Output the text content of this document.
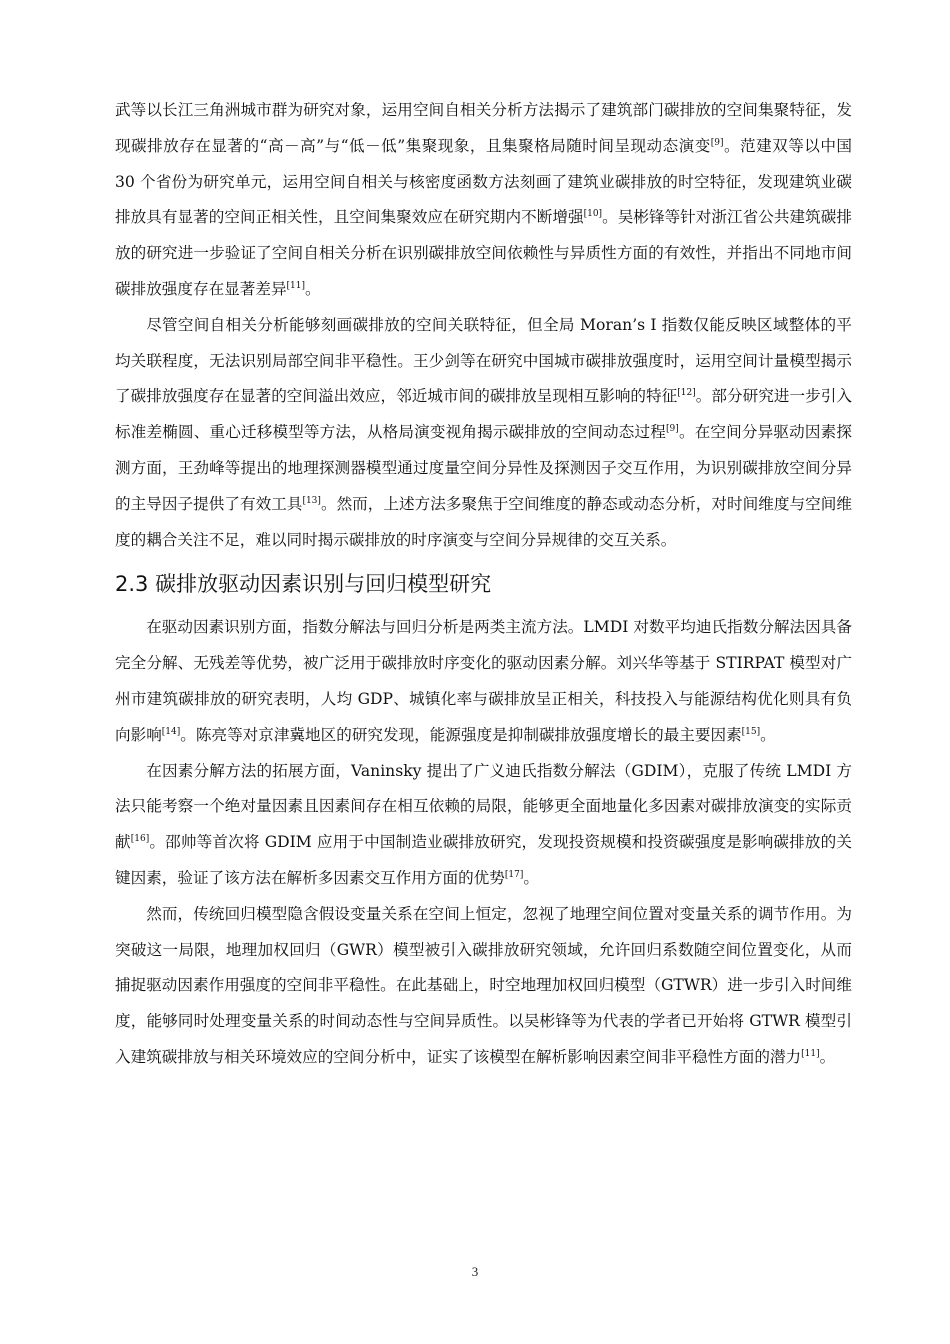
武等以长江三角洲城市群为研究对象，运用空间自相关分析方法揭示了建筑部门碳排放的空间集聚特征，发现碳排放存在显著的“高－高”与“低－低”集聚现象，且集聚格局随时间呈现动态演变[9]。范建双等以中国 30 个省份为研究单元，运用空间自相关与核密度函数方法刻画了建筑业碳排放的时空特征，发现建筑业碳排放具有显著的空间正相关性，且空间集聚效应在研究期内不断增强[10]。吴彬锋等针对浙江省公共建筑碳排放的研究进一步验证了空间自相关分析在识别碳排放空间依赖性与异质性方面的有效性，并指出不同地市间碳排放强度存在显著差异[11]。

尽管空间自相关分析能够刻画碳排放的空间关联特征，但全局 Moran’s I 指数仅能反映区域整体的平均关联程度，无法识别局部空间非平稳性。王少剑等在研究中国城市碳排放强度时，运用空间计量模型揭示了碳排放强度存在显著的空间溢出效应，邻近城市间的碳排放呈现相互影响的特征[12]。部分研究进一步引入标准差椭圆、重心迁移模型等方法，从格局演变视角揭示碳排放的空间动态过程[9]。在空间分异驱动因素探测方面，王劲峰等提出的地理探测器模型通过度量空间分异性及探测因子交互作用，为识别碳排放空间分异的主导因子提供了有效工具[13]。然而，上述方法多聚焦于空间维度的静态或动态分析，对时间维度与空间维度的耦合关注不足，难以同时揭示碳排放的时序演变与空间分异规律的交互关系。

2.3 碳排放驱动因素识别与回归模型研究

在驱动因素识别方面，指数分解法与回归分析是两类主流方法。LMDI 对数平均迪氏指数分解法因具备完全分解、无残差等优势，被广泛用于碳排放时序变化的驱动因素分解。刘兴华等基于 STIRPAT 模型对广州市建筑碳排放的研究表明，人均 GDP、城镇化率与碳排放呈正相关，科技投入与能源结构优化则具有负向影响[14]。陈亮等对京津冀地区的研究发现，能源强度是抑制碳排放强度增长的最主要因素[15]。

在因素分解方法的拓展方面，Vaninsky 提出了广义迪氏指数分解法（GDIM），克服了传统 LMDI 方法只能考察一个绝对量因素且因素间存在相互依赖的局限，能够更全面地量化多因素对碳排放演变的实际贡献[16]。邵帅等首次将 GDIM 应用于中国制造业碳排放研究，发现投资规模和投资碳强度是影响碳排放的关键因素，验证了该方法在解析多因素交互作用方面的优势[17]。

然而，传统回归模型隐含假设变量关系在空间上恒定，忽视了地理空间位置对变量关系的调节作用。为突破这一局限，地理加权回归（GWR）模型被引入碳排放研究领域，允许回归系数随空间位置变化，从而捕捉驱动因素作用强度的空间非平稳性。在此基础上，时空地理加权回归模型（GTWR）进一步引入时间维度，能够同时处理变量关系的时间动态性与空间异质性。以吴彬锋等为代表的学者已开始将 GTWR 模型引入建筑碳排放与相关环境效应的空间分析中，证实了该模型在解析影响因素空间非平稳性方面的潜力[11]。

3
